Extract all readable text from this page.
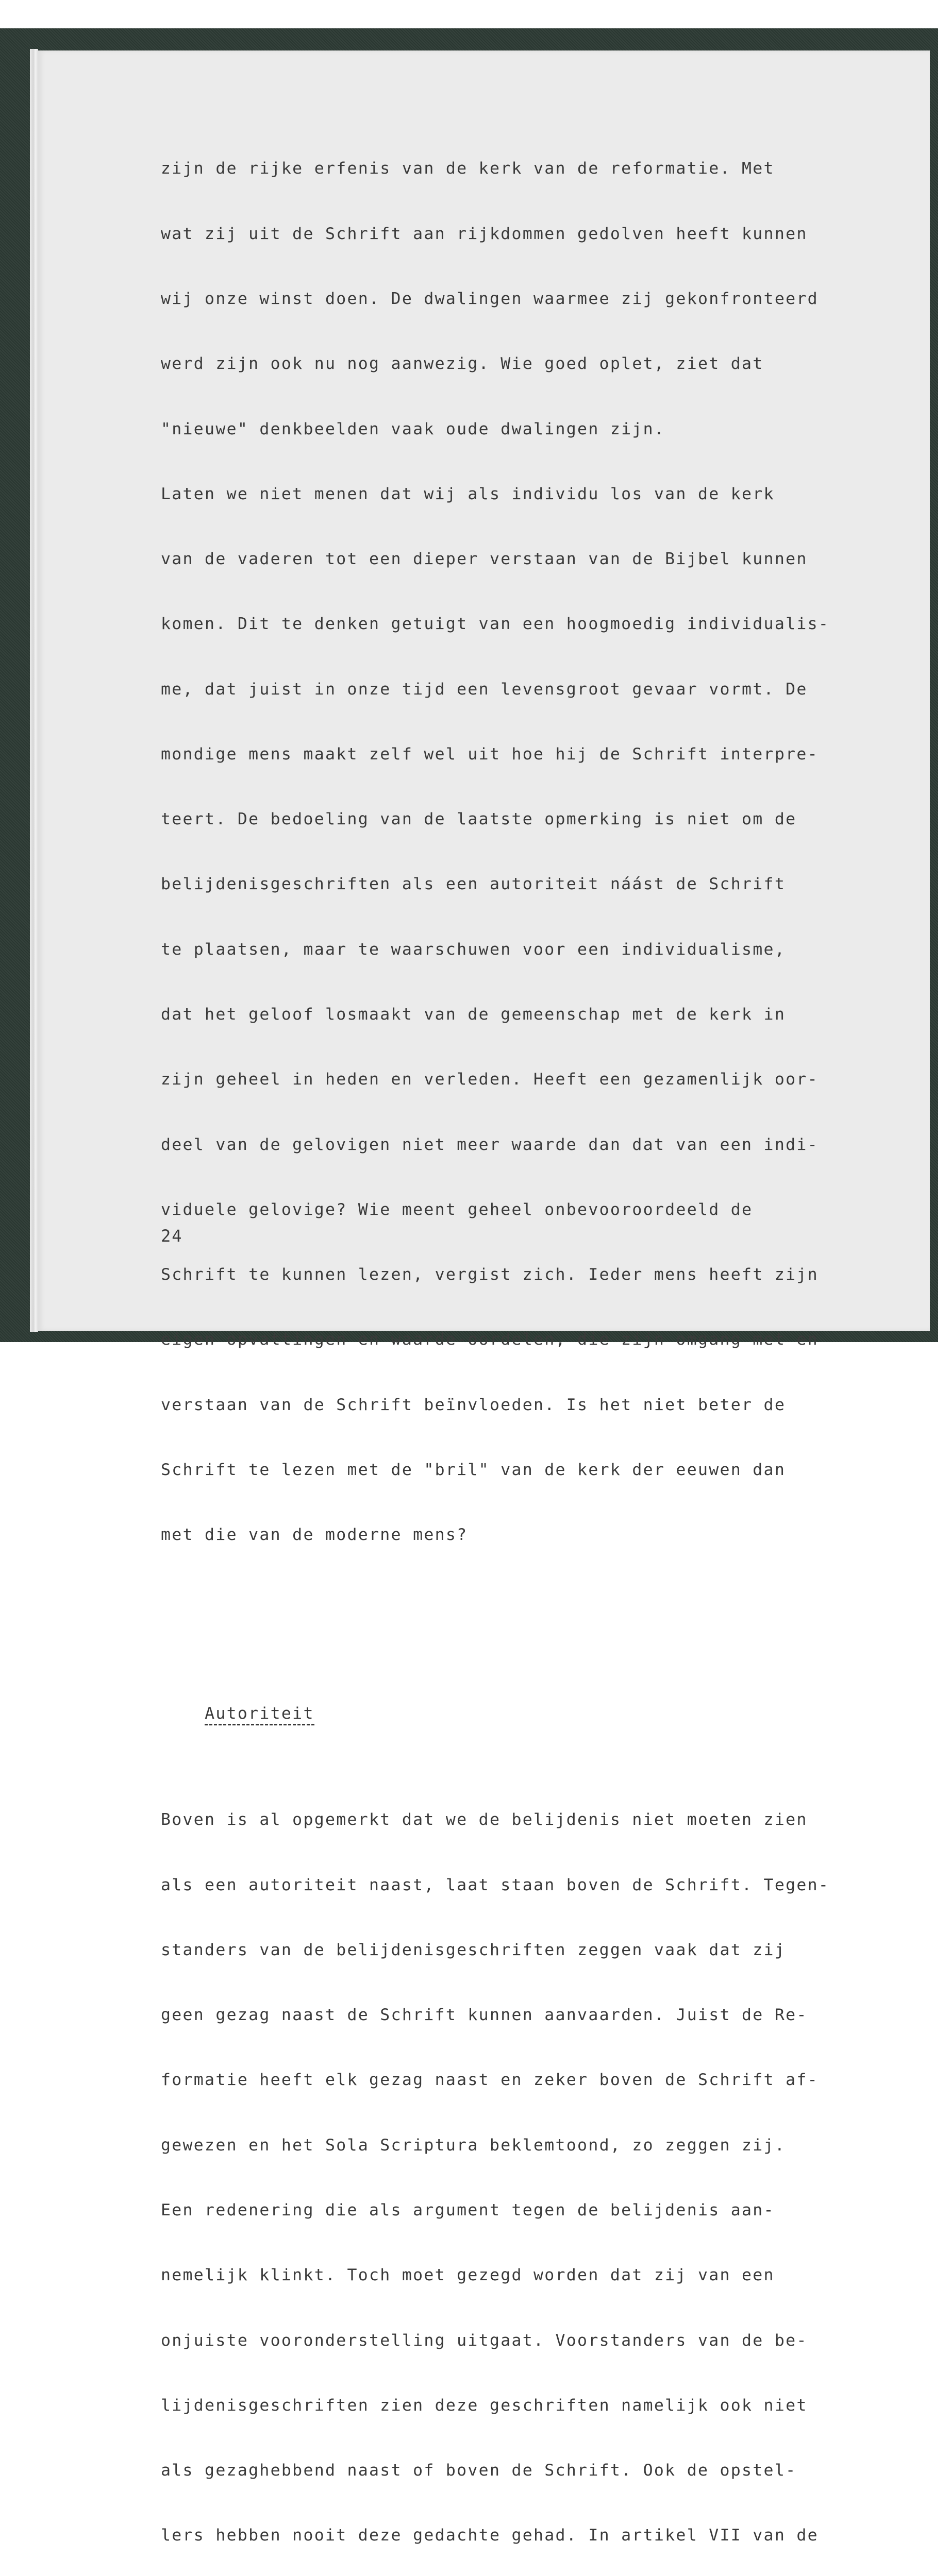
zijn de rijke erfenis van de kerk van de reformatie. Met

wat zij uit de Schrift aan rijkdommen gedolven heeft kunnen

wij onze winst doen. De dwalingen waarmee zij gekonfronteerd

werd zijn ook nu nog aanwezig. Wie goed oplet, ziet dat

"nieuwe" denkbeelden vaak oude dwalingen zijn.

Laten we niet menen dat wij als individu los van de kerk

van de vaderen tot een dieper verstaan van de Bijbel kunnen

komen. Dit te denken getuigt van een hoogmoedig individualis-

me, dat juist in onze tijd een levensgroot gevaar vormt. De

mondige mens maakt zelf wel uit hoe hij de Schrift interpre-

teert. De bedoeling van de laatste opmerking is niet om de

belijdenisgeschriften als een autoriteit náást de Schrift

te plaatsen, maar te waarschuwen voor een individualisme,

dat het geloof losmaakt van de gemeenschap met de kerk in

zijn geheel in heden en verleden. Heeft een gezamenlijk oor-

deel van de gelovigen niet meer waarde dan dat van een indi-

viduele gelovige? Wie meent geheel onbevooroordeeld de

Schrift te kunnen lezen, vergist zich. Ieder mens heeft zijn

eigen opvattingen en waarde-oordelen, die zijn omgang met en

verstaan van de Schrift beïnvloeden. Is het niet beter de

Schrift te lezen met de "bril" van de kerk der eeuwen dan

met die van de moderne mens?

Autoriteit

Boven is al opgemerkt dat we de belijdenis niet moeten zien

als een autoriteit naast, laat staan boven de Schrift. Tegen-

standers van de belijdenisgeschriften zeggen vaak dat zij

geen gezag naast de Schrift kunnen aanvaarden. Juist de Re-

formatie heeft elk gezag naast en zeker boven de Schrift af-

gewezen en het Sola Scriptura beklemtoond, zo zeggen zij.

Een redenering die als argument tegen de belijdenis aan-

nemelijk klinkt. Toch moet gezegd worden dat zij van een

onjuiste vooronderstelling uitgaat. Voorstanders van de be-

lijdenisgeschriften zien deze geschriften namelijk ook niet

als gezaghebbend naast of boven de Schrift. Ook de opstel-

lers hebben nooit deze gedachte gehad. In artikel VII van de

24
